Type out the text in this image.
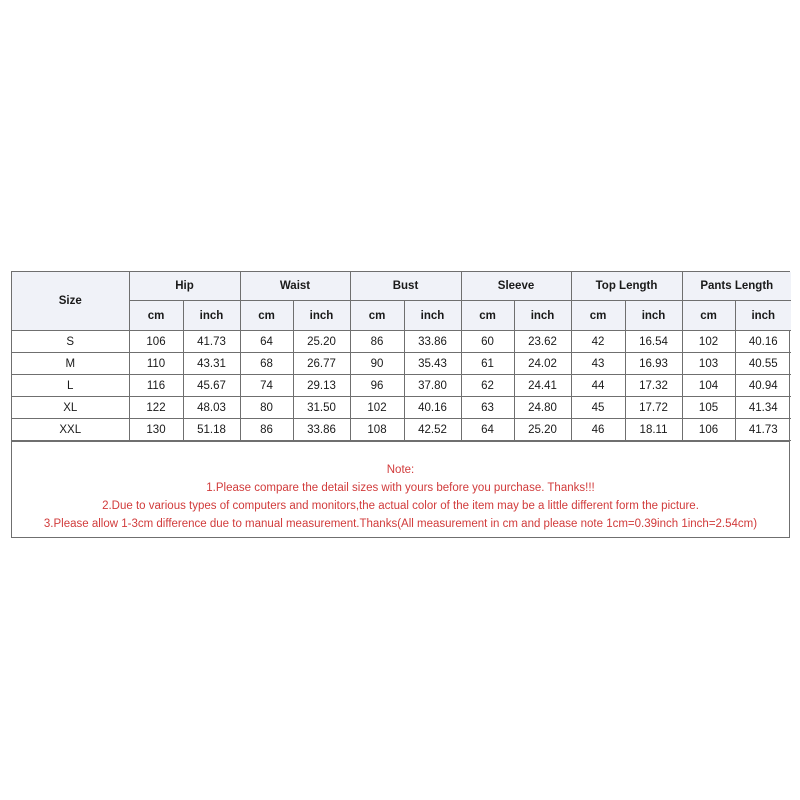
Size	Hip		Waist		Bust		Sleeve		Top Length		Pants Length	
	cm	inch	cm	inch	cm	inch	cm	inch	cm	inch	cm	inch
S	106	41.73	64	25.20	86	33.86	60	23.62	42	16.54	102	40.16
M	110	43.31	68	26.77	90	35.43	61	24.02	43	16.93	103	40.55
L	116	45.67	74	29.13	96	37.80	62	24.41	44	17.32	104	40.94
XL	122	48.03	80	31.50	102	40.16	63	24.80	45	17.72	105	41.34
XXL	130	51.18	86	33.86	108	42.52	64	25.20	46	18.11	106	41.73
Note:
1.Please compare the detail sizes with yours before you purchase. Thanks!!!
2.Due to various types of computers and monitors,the actual color of the item may be a little different form the picture.
3.Please allow 1-3cm difference due to manual measurement.Thanks(All measurement in cm and please note 1cm=0.39inch 1inch=2.54cm)
